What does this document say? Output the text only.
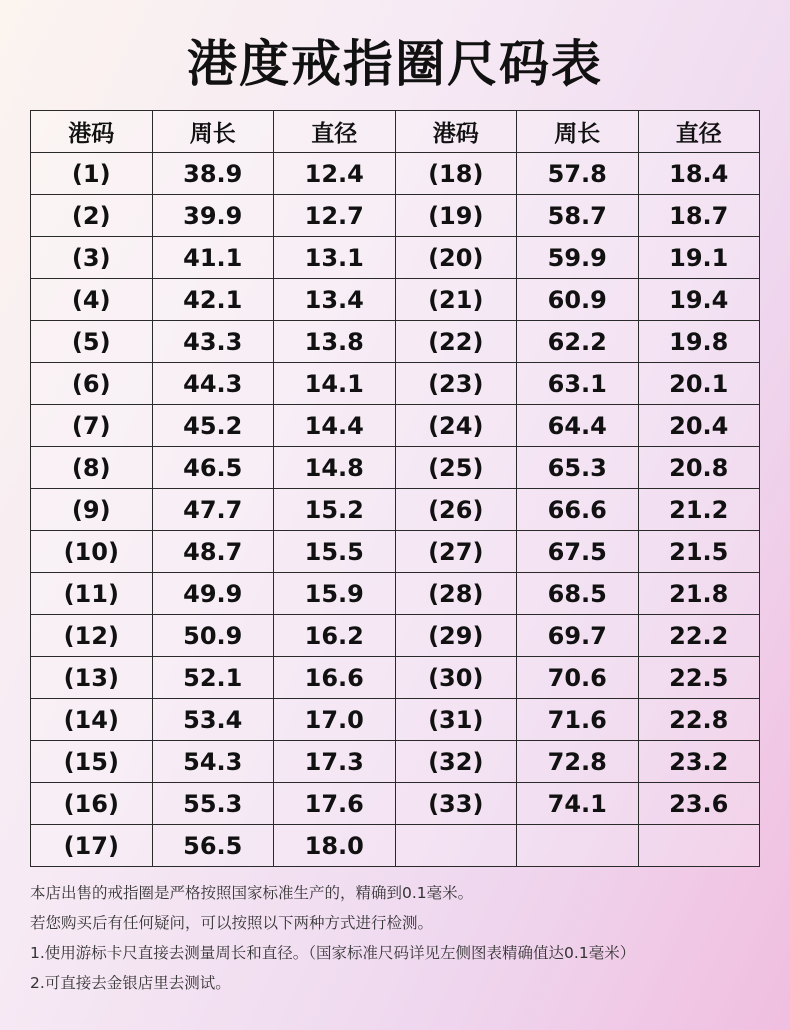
港度戒指圈尺码表
港码	周长	直径	港码	周长	直径
(1)	38.9	12.4	(18)	57.8	18.4
(2)	39.9	12.7	(19)	58.7	18.7
(3)	41.1	13.1	(20)	59.9	19.1
(4)	42.1	13.4	(21)	60.9	19.4
(5)	43.3	13.8	(22)	62.2	19.8
(6)	44.3	14.1	(23)	63.1	20.1
(7)	45.2	14.4	(24)	64.4	20.4
(8)	46.5	14.8	(25)	65.3	20.8
(9)	47.7	15.2	(26)	66.6	21.2
(10)	48.7	15.5	(27)	67.5	21.5
(11)	49.9	15.9	(28)	68.5	21.8
(12)	50.9	16.2	(29)	69.7	22.2
(13)	52.1	16.6	(30)	70.6	22.5
(14)	53.4	17.0	(31)	71.6	22.8
(15)	54.3	17.3	(32)	72.8	23.2
(16)	55.3	17.6	(33)	74.1	23.6
(17)	56.5	18.0			
本店出售的戒指圈是严格按照国家标准生产的，精确到0.1毫米。
若您购买后有任何疑问，可以按照以下两种方式进行检测。
1.使用游标卡尺直接去测量周长和直径。（国家标准尺码详见左侧图表精确值达0.1毫米）
2.可直接去金银店里去测试。
